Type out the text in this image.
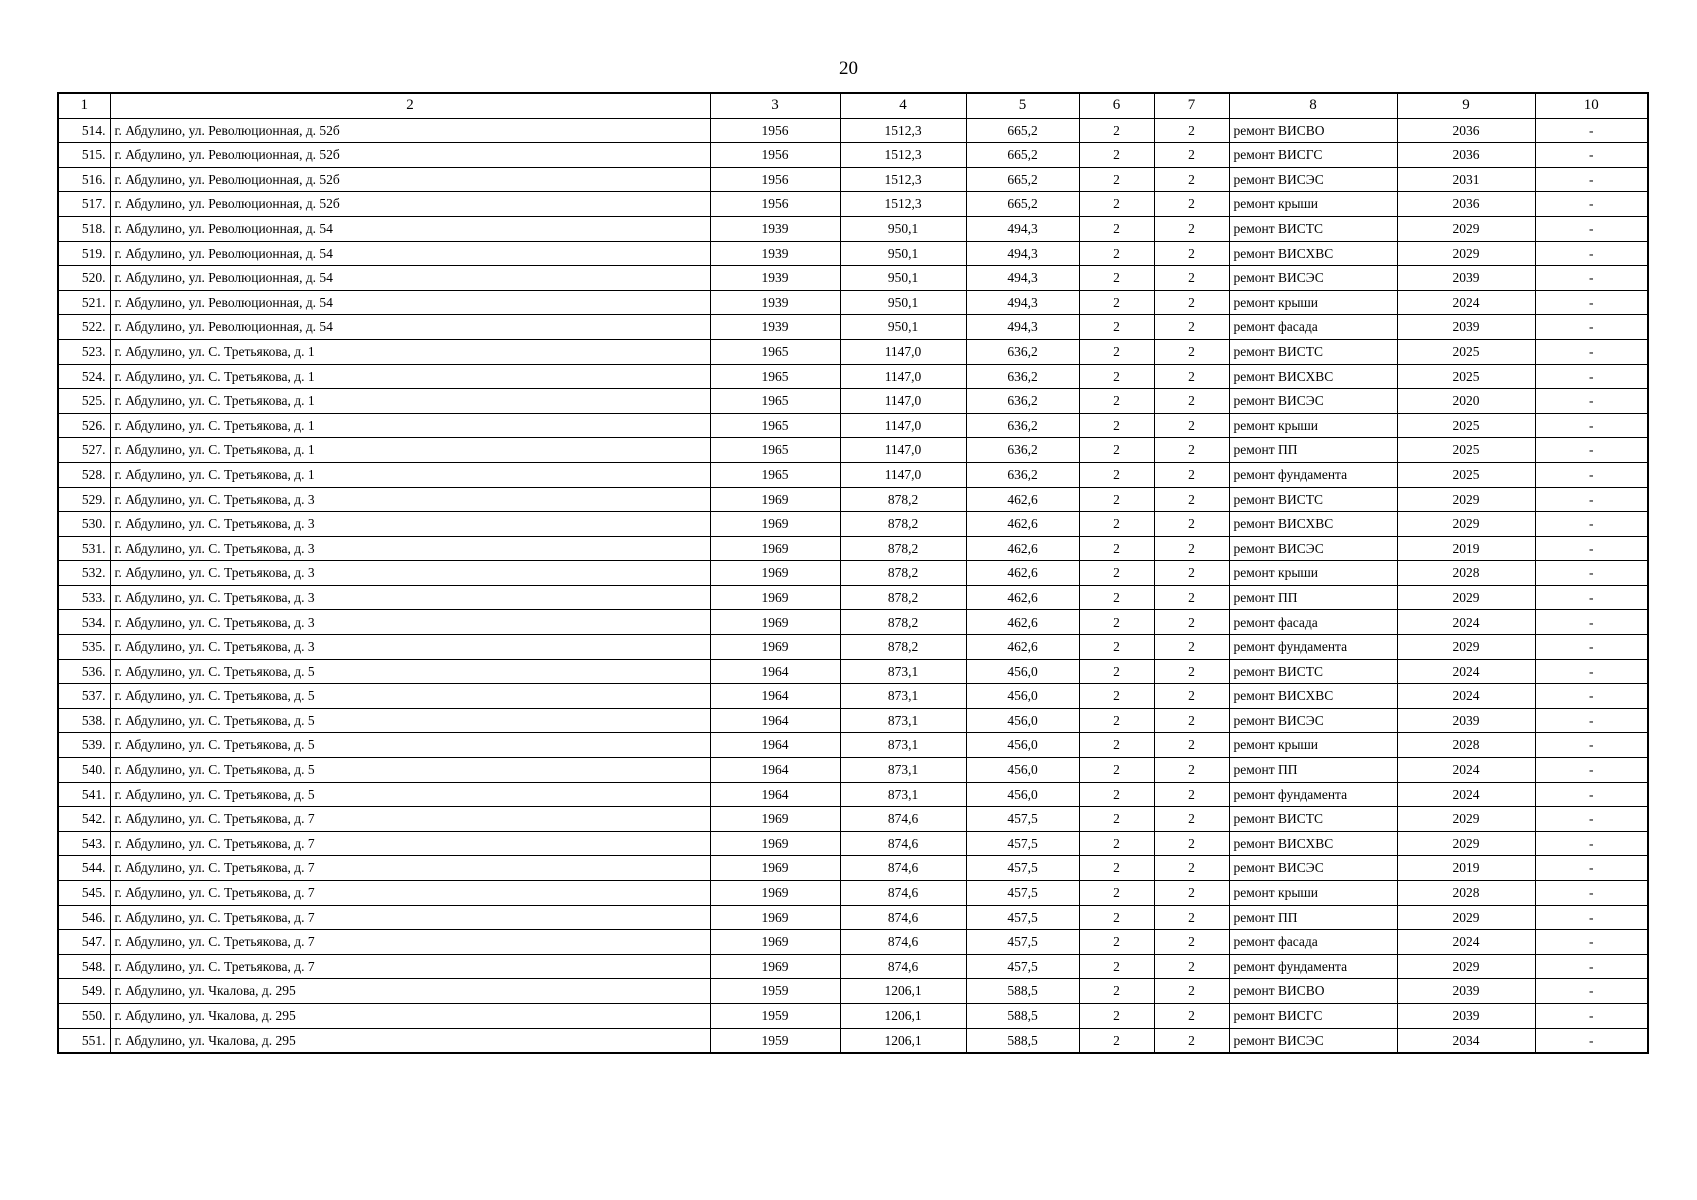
20
1	2	3	4	5	6	7	8	9	10
514.	г. Абдулино, ул. Революционная, д. 52б	1956	1512,3	665,2	2	2	ремонт ВИСВО	2036	-
515.	г. Абдулино, ул. Революционная, д. 52б	1956	1512,3	665,2	2	2	ремонт ВИСГС	2036	-
516.	г. Абдулино, ул. Революционная, д. 52б	1956	1512,3	665,2	2	2	ремонт ВИСЭС	2031	-
517.	г. Абдулино, ул. Революционная, д. 52б	1956	1512,3	665,2	2	2	ремонт крыши	2036	-
518.	г. Абдулино, ул. Революционная, д. 54	1939	950,1	494,3	2	2	ремонт ВИСТС	2029	-
519.	г. Абдулино, ул. Революционная, д. 54	1939	950,1	494,3	2	2	ремонт ВИСХВС	2029	-
520.	г. Абдулино, ул. Революционная, д. 54	1939	950,1	494,3	2	2	ремонт ВИСЭС	2039	-
521.	г. Абдулино, ул. Революционная, д. 54	1939	950,1	494,3	2	2	ремонт крыши	2024	-
522.	г. Абдулино, ул. Революционная, д. 54	1939	950,1	494,3	2	2	ремонт фасада	2039	-
523.	г. Абдулино, ул. С. Третьякова, д. 1	1965	1147,0	636,2	2	2	ремонт ВИСТС	2025	-
524.	г. Абдулино, ул. С. Третьякова, д. 1	1965	1147,0	636,2	2	2	ремонт ВИСХВС	2025	-
525.	г. Абдулино, ул. С. Третьякова, д. 1	1965	1147,0	636,2	2	2	ремонт ВИСЭС	2020	-
526.	г. Абдулино, ул. С. Третьякова, д. 1	1965	1147,0	636,2	2	2	ремонт крыши	2025	-
527.	г. Абдулино, ул. С. Третьякова, д. 1	1965	1147,0	636,2	2	2	ремонт ПП	2025	-
528.	г. Абдулино, ул. С. Третьякова, д. 1	1965	1147,0	636,2	2	2	ремонт фундамента	2025	-
529.	г. Абдулино, ул. С. Третьякова, д. 3	1969	878,2	462,6	2	2	ремонт ВИСТС	2029	-
530.	г. Абдулино, ул. С. Третьякова, д. 3	1969	878,2	462,6	2	2	ремонт ВИСХВС	2029	-
531.	г. Абдулино, ул. С. Третьякова, д. 3	1969	878,2	462,6	2	2	ремонт ВИСЭС	2019	-
532.	г. Абдулино, ул. С. Третьякова, д. 3	1969	878,2	462,6	2	2	ремонт крыши	2028	-
533.	г. Абдулино, ул. С. Третьякова, д. 3	1969	878,2	462,6	2	2	ремонт ПП	2029	-
534.	г. Абдулино, ул. С. Третьякова, д. 3	1969	878,2	462,6	2	2	ремонт фасада	2024	-
535.	г. Абдулино, ул. С. Третьякова, д. 3	1969	878,2	462,6	2	2	ремонт фундамента	2029	-
536.	г. Абдулино, ул. С. Третьякова, д. 5	1964	873,1	456,0	2	2	ремонт ВИСТС	2024	-
537.	г. Абдулино, ул. С. Третьякова, д. 5	1964	873,1	456,0	2	2	ремонт ВИСХВС	2024	-
538.	г. Абдулино, ул. С. Третьякова, д. 5	1964	873,1	456,0	2	2	ремонт ВИСЭС	2039	-
539.	г. Абдулино, ул. С. Третьякова, д. 5	1964	873,1	456,0	2	2	ремонт крыши	2028	-
540.	г. Абдулино, ул. С. Третьякова, д. 5	1964	873,1	456,0	2	2	ремонт ПП	2024	-
541.	г. Абдулино, ул. С. Третьякова, д. 5	1964	873,1	456,0	2	2	ремонт фундамента	2024	-
542.	г. Абдулино, ул. С. Третьякова, д. 7	1969	874,6	457,5	2	2	ремонт ВИСТС	2029	-
543.	г. Абдулино, ул. С. Третьякова, д. 7	1969	874,6	457,5	2	2	ремонт ВИСХВС	2029	-
544.	г. Абдулино, ул. С. Третьякова, д. 7	1969	874,6	457,5	2	2	ремонт ВИСЭС	2019	-
545.	г. Абдулино, ул. С. Третьякова, д. 7	1969	874,6	457,5	2	2	ремонт крыши	2028	-
546.	г. Абдулино, ул. С. Третьякова, д. 7	1969	874,6	457,5	2	2	ремонт ПП	2029	-
547.	г. Абдулино, ул. С. Третьякова, д. 7	1969	874,6	457,5	2	2	ремонт фасада	2024	-
548.	г. Абдулино, ул. С. Третьякова, д. 7	1969	874,6	457,5	2	2	ремонт фундамента	2029	-
549.	г. Абдулино, ул. Чкалова, д. 295	1959	1206,1	588,5	2	2	ремонт ВИСВО	2039	-
550.	г. Абдулино, ул. Чкалова, д. 295	1959	1206,1	588,5	2	2	ремонт ВИСГС	2039	-
551.	г. Абдулино, ул. Чкалова, д. 295	1959	1206,1	588,5	2	2	ремонт ВИСЭС	2034	-
